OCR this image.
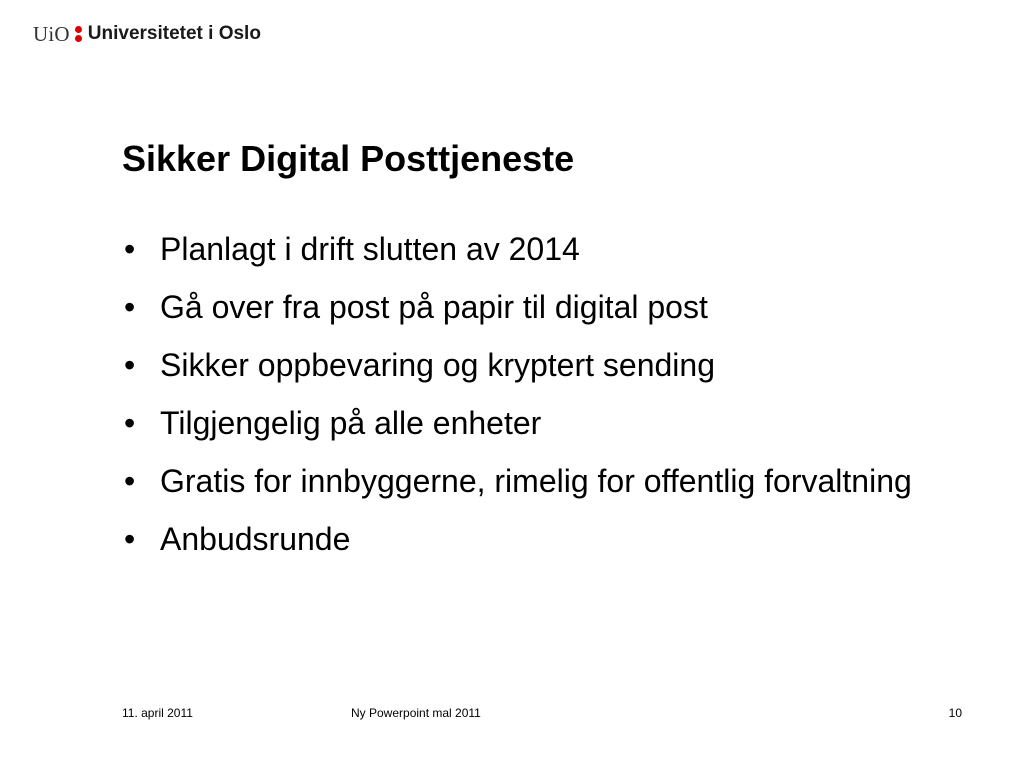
UiO Universitetet i Oslo
Sikker Digital Posttjeneste
• Planlagt i drift slutten av 2014
• Gå over fra post på papir til digital post
• Sikker oppbevaring og kryptert sending
• Tilgjengelig på alle enheter
• Gratis for innbyggerne, rimelig for offentlig forvaltning
• Anbudsrunde
11. april 2011	Ny Powerpoint mal 2011	10
